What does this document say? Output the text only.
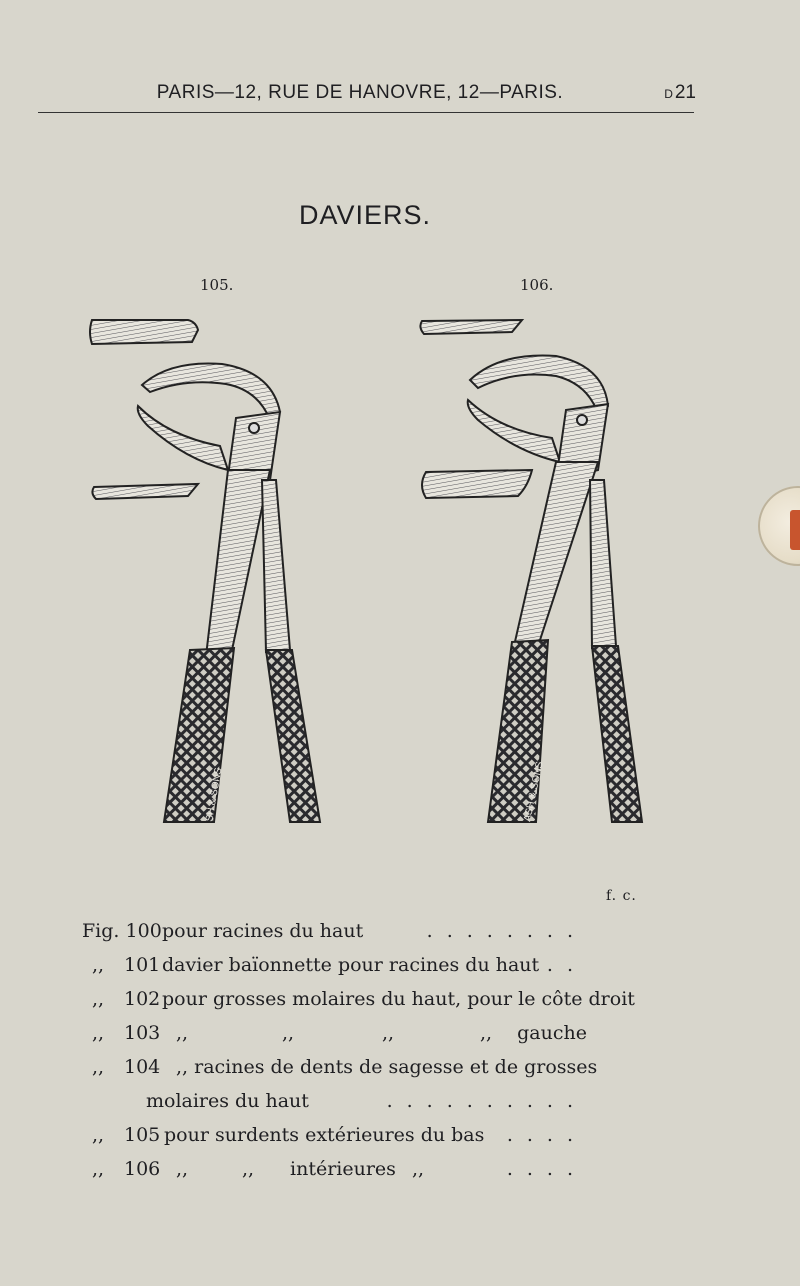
PARIS—12, RUE DE HANOVRE, 12—PARIS.	D 21
DAVIERS.
105.	106.
SH & SONS	ASH & SONS
f. c.
Fig. 100 pour racines du haut	........
,, 101 davier baïonnette pour racines du haut ..
,, 102 pour grosses molaires du haut, pour le côte droit
,, 103 ,,	,,	,,	,, gauche
,, 104 ,, racines de dents de sagesse et de grosses
molaires du haut	..........
,, 105 pour surdents extérieures du bas ....
,, 106 ,,	,, intérieures ,,	....
